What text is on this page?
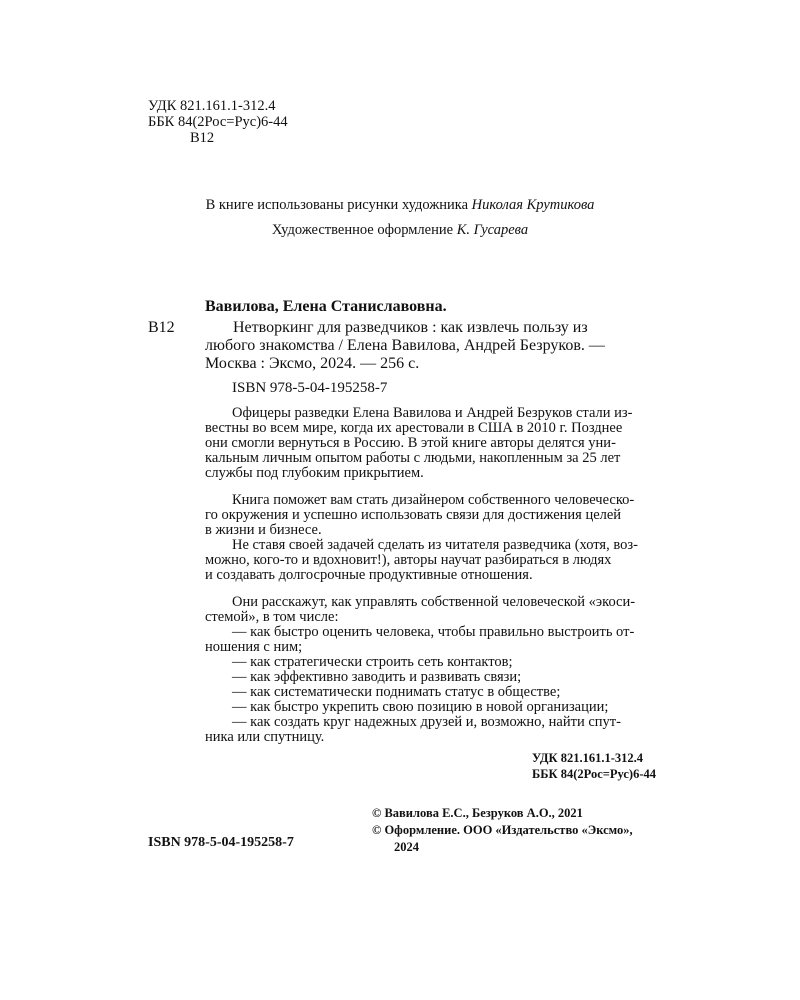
УДК 821.161.1-312.4
ББК 84(2Рос=Рус)6-44
В12
В книге использованы рисунки художника Николая Крутикова
Художественное оформление К. Гусарева
Вавилова, Елена Станиславовна.
В12	Нетворкинг для разведчиков : как извлечь пользу из
любого знакомства / Елена Вавилова, Андрей Безруков. —
Москва : Эксмо, 2024. — 256 с.
ISBN 978-5-04-195258-7
Офицеры разведки Елена Вавилова и Андрей Безруков стали из-
вестны во всем мире, когда их арестовали в США в 2010 г. Позднее
они смогли вернуться в Россию. В этой книге авторы делятся уни-
кальным личным опытом работы с людьми, накопленным за 25 лет
службы под глубоким прикрытием.
Книга поможет вам стать дизайнером собственного человеческо-
го окружения и успешно использовать связи для достижения целей
в жизни и бизнесе.
Не ставя своей задачей сделать из читателя разведчика (хотя, воз-
можно, кого-то и вдохновит!), авторы научат разбираться в людях
и создавать долгосрочные продуктивные отношения.
Они расскажут, как управлять собственной человеческой «экоси-
стемой», в том числе:
— как быстро оценить человека, чтобы правильно выстроить от-
ношения с ним;
— как стратегически строить сеть контактов;
— как эффективно заводить и развивать связи;
— как систематически поднимать статус в обществе;
— как быстро укрепить свою позицию в новой организации;
— как создать круг надежных друзей и, возможно, найти спут-
ника или спутницу.
УДК 821.161.1-312.4
ББК 84(2Рос=Рус)6-44
© Вавилова Е.С., Безруков А.О., 2021
© Оформление. ООО «Издательство «Эксмо»,
2024
ISBN 978-5-04-195258-7
